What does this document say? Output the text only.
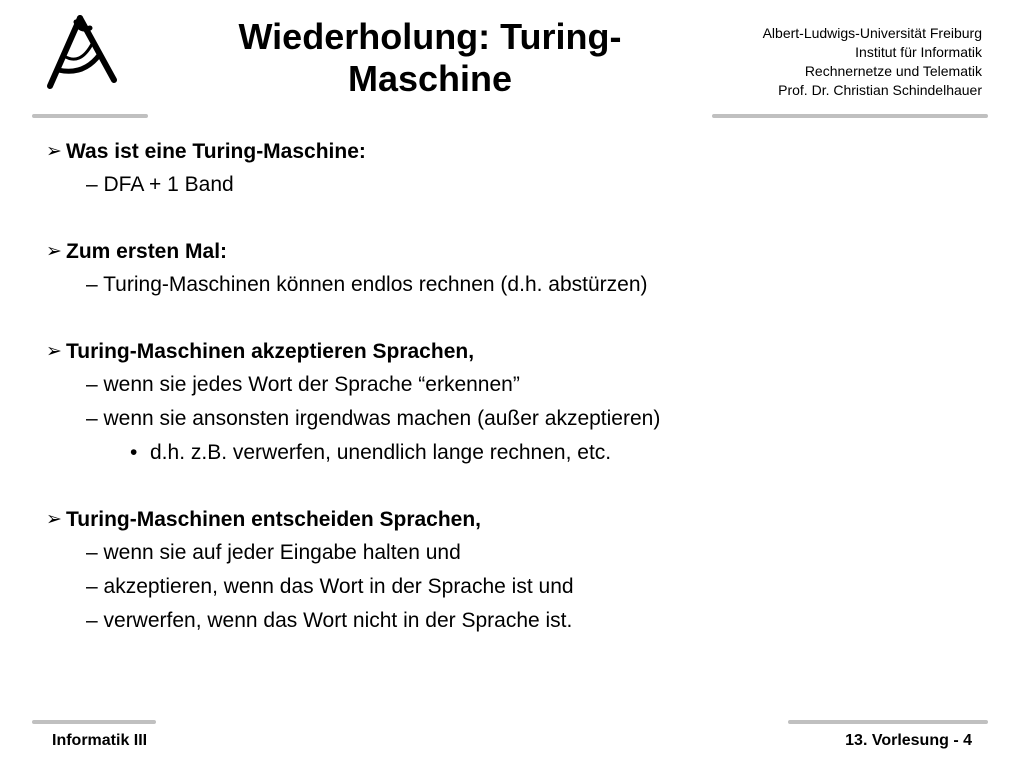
Wiederholung: Turing-
Maschine
Albert-Ludwigs-Universität Freiburg
Institut für Informatik
Rechnernetze und Telematik
Prof. Dr. Christian Schindelhauer
➢ Was ist eine Turing-Maschine:
– DFA + 1 Band
➢ Zum ersten Mal:
– Turing-Maschinen können endlos rechnen (d.h. abstürzen)
➢ Turing-Maschinen akzeptieren Sprachen,
– wenn sie jedes Wort der Sprache “erkennen”
– wenn sie ansonsten irgendwas machen (außer akzeptieren)
• d.h. z.B. verwerfen, unendlich lange rechnen, etc.
➢ Turing-Maschinen entscheiden Sprachen,
– wenn sie auf jeder Eingabe halten und
– akzeptieren, wenn das Wort in der Sprache ist und
– verwerfen, wenn das Wort nicht in der Sprache ist.
Informatik III	13. Vorlesung - 4
